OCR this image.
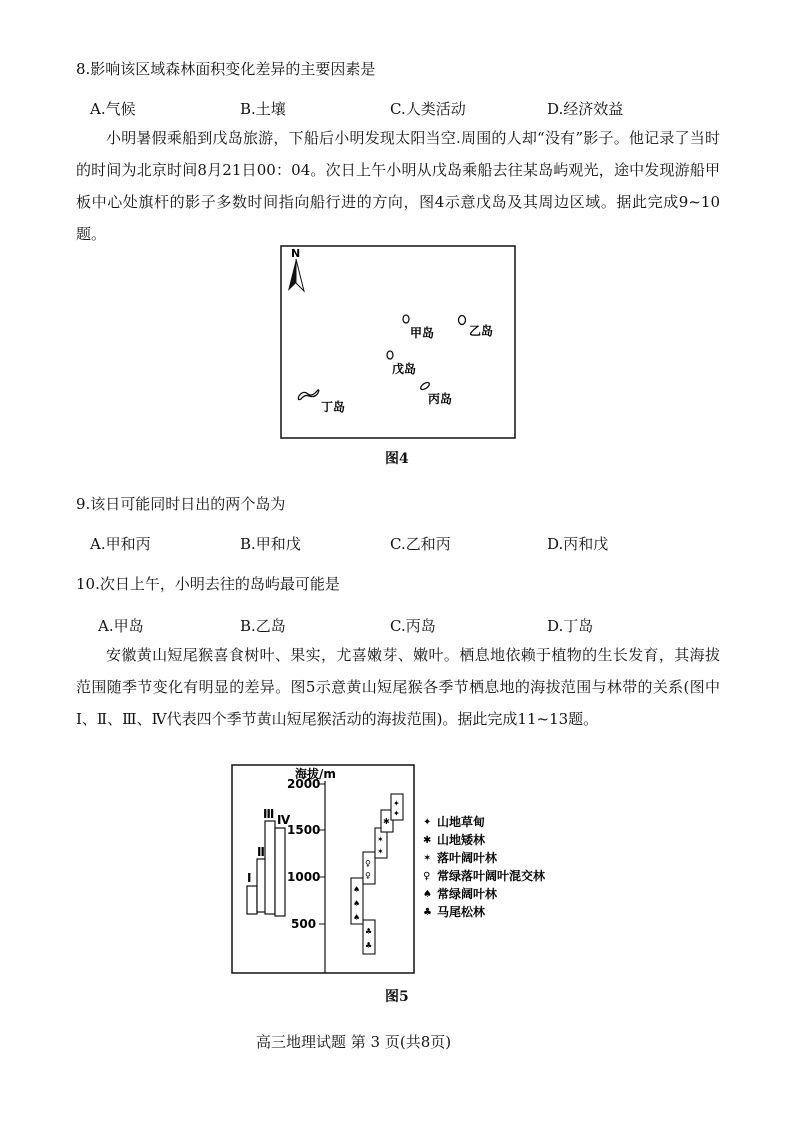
8.影响该区域森林面积变化差异的主要因素是
A.气候	B.土壤	C.人类活动	D.经济效益
小明暑假乘船到戊岛旅游，下船后小明发现太阳当空.周围的人却“没有”影子。他记录了当时的时间为北京时间8月21日00：04。次日上午小明从戊岛乘船去往某岛屿观光，途中发现游船甲板中心处旗杆的影子多数时间指向船行进的方向，图4示意戊岛及其周边区域。据此完成9~10题。
N
甲岛	乙岛
戊岛
丙岛
丁岛
图4
9.该日可能同时日出的两个岛为
A.甲和丙	B.甲和戊	C.乙和丙	D.丙和戊
10.次日上午，小明去往的岛屿最可能是
A.甲岛	B.乙岛	C.丙岛	D.丁岛
安徽黄山短尾猴喜食树叶、果实，尤喜嫩芽、嫩叶。栖息地依赖于植物的生长发育，其海拔范围随季节变化有明显的差异。图5示意黄山短尾猴各季节栖息地的海拔范围与林带的关系(图中Ⅰ、Ⅱ、Ⅲ、Ⅳ代表四个季节黄山短尾猴活动的海拔范围)。据此完成11~13题。
海拔/m
2000
1500
1000
500
Ⅰ
Ⅱ
Ⅲ Ⅳ
♣
♣
♠
♠
♠
♀
♀
✶
✶
✱
✦
✦
✦ 山地草甸
✱ 山地矮林
✶ 落叶阔叶林
♀ 常绿落叶阔叶混交林
♠ 常绿阔叶林
♣ 马尾松林
图5
高三地理试题 第 3 页(共8页)
